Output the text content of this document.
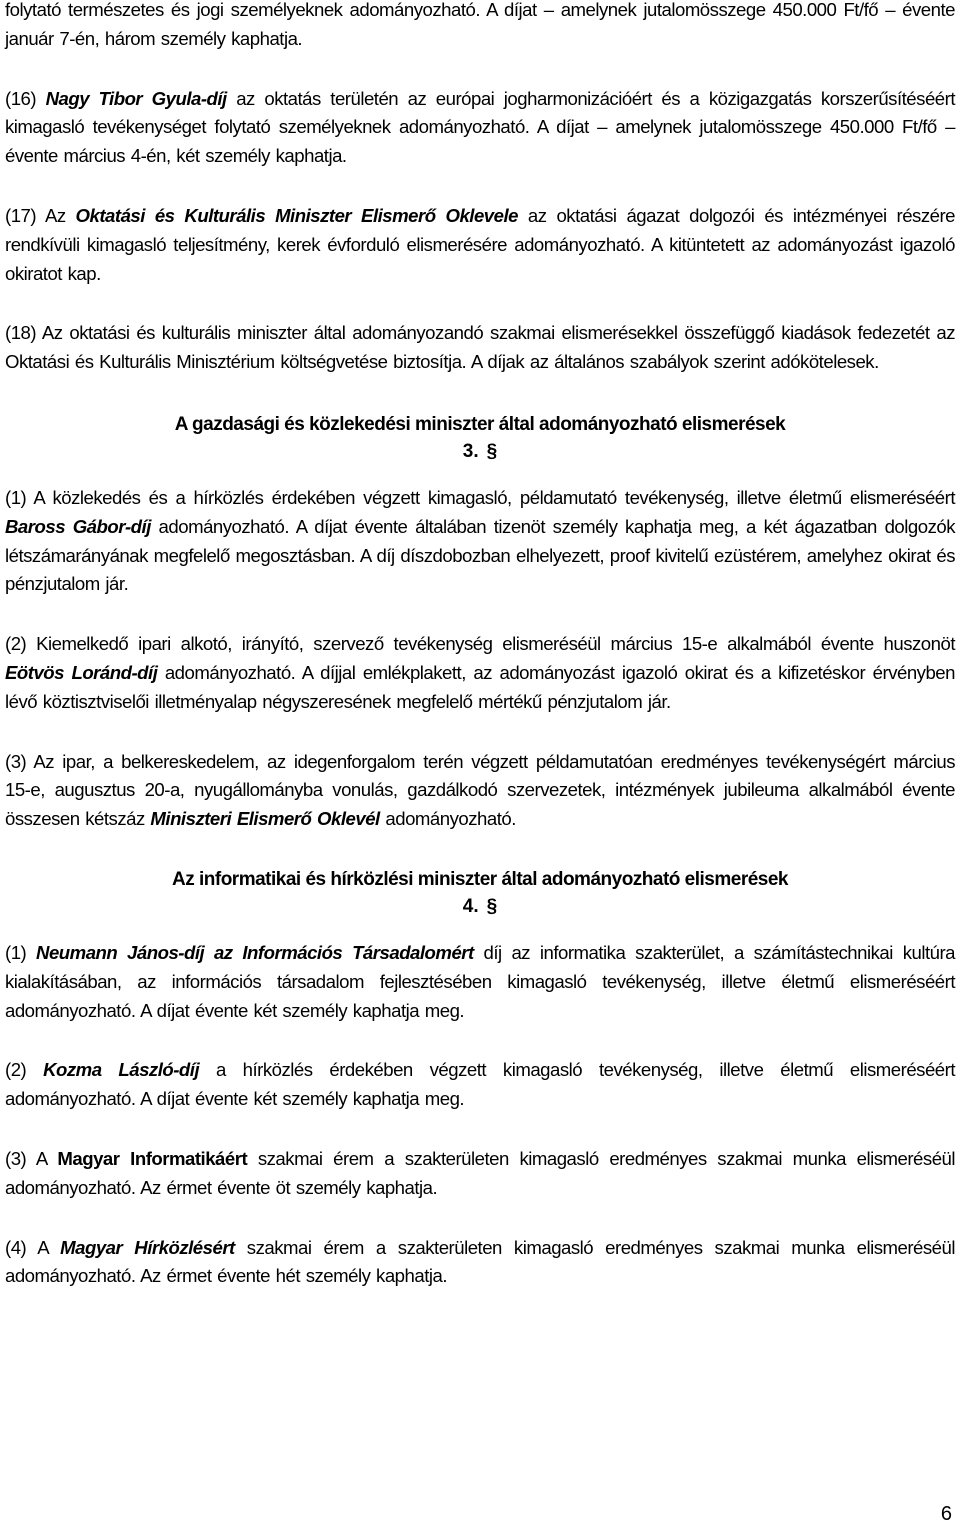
folytató természetes és jogi személyeknek adományozható. A díjat – amelynek jutalomösszege 450.000 Ft/fő – évente január 7-én, három személy kaphatja.

(16) Nagy Tibor Gyula-díj az oktatás területén az európai jogharmonizációért és a közigazgatás korszerűsítéséért kimagasló tevékenységet folytató személyeknek adományozható. A díjat – amelynek jutalomösszege 450.000 Ft/fő – évente március 4-én, két személy kaphatja.

(17) Az Oktatási és Kulturális Miniszter Elismerő Oklevele az oktatási ágazat dolgozói és intézményei részére rendkívüli kimagasló teljesítmény, kerek évforduló elismerésére adományozható. A kitüntetett az adományozást igazoló okiratot kap.

(18) Az oktatási és kulturális miniszter által adományozandó szakmai elismerésekkel összefüggő kiadások fedezetét az Oktatási és Kulturális Minisztérium költségvetése biztosítja. A díjak az általános szabályok szerint adókötelesek.

A gazdasági és közlekedési miniszter által adományozható elismerések
3. §

(1) A közlekedés és a hírközlés érdekében végzett kimagasló, példamutató tevékenység, illetve életmű elismeréséért Baross Gábor-díj adományozható. A díjat évente általában tizenöt személy kaphatja meg, a két ágazatban dolgozók létszámarányának megfelelő megosztásban. A díj díszdobozban elhelyezett, proof kivitelű ezüstérem, amelyhez okirat és pénzjutalom jár.

(2) Kiemelkedő ipari alkotó, irányító, szervező tevékenység elismeréséül március 15-e alkalmából évente huszonöt Eötvös Loránd-díj adományozható. A díjjal emlékplakett, az adományozást igazoló okirat és a kifizetéskor érvényben lévő köztisztviselői illetményalap négyszeresének megfelelő mértékű pénzjutalom jár.

(3) Az ipar, a belkereskedelem, az idegenforgalom terén végzett példamutatóan eredményes tevékenységért március 15-e, augusztus 20-a, nyugállományba vonulás, gazdálkodó szervezetek, intézmények jubileuma alkalmából évente összesen kétszáz Miniszteri Elismerő Oklevél adományozható.

Az informatikai és hírközlési miniszter által adományozható elismerések
4. §

(1) Neumann János-díj az Információs Társadalomért díj az informatika szakterület, a számítástechnikai kultúra kialakításában, az információs társadalom fejlesztésében kimagasló tevékenység, illetve életmű elismeréséért adományozható. A díjat évente két személy kaphatja meg.

(2) Kozma László-díj a hírközlés érdekében végzett kimagasló tevékenység, illetve életmű elismeréséért adományozható. A díjat évente két személy kaphatja meg.

(3) A Magyar Informatikáért szakmai érem a szakterületen kimagasló eredményes szakmai munka elismeréséül adományozható. Az érmet évente öt személy kaphatja.

(4) A Magyar Hírközlésért szakmai érem a szakterületen kimagasló eredményes szakmai munka elismeréséül adományozható. Az érmet évente hét személy kaphatja.

6
